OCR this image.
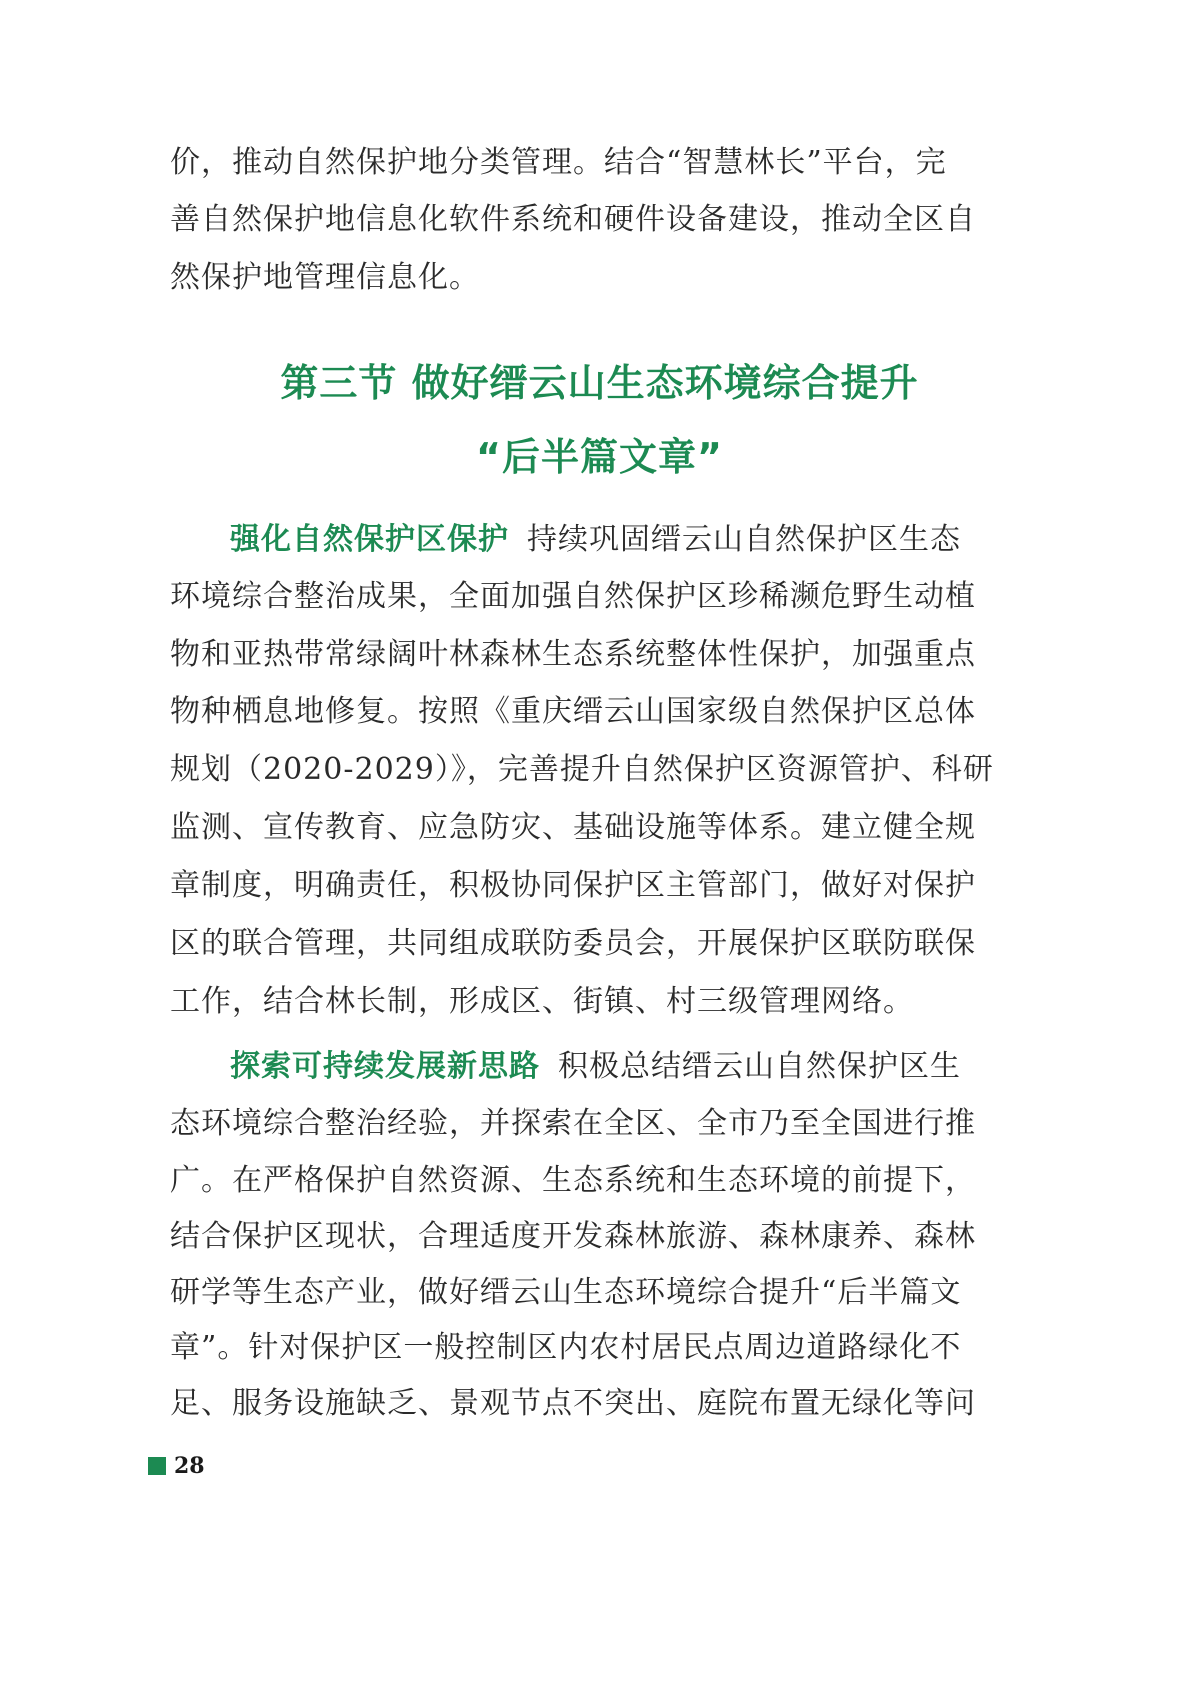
价，推动自然保护地分类管理。结合“智慧林长”平台，完
善自然保护地信息化软件系统和硬件设备建设，推动全区自
然保护地管理信息化。
第三节 做好缙云山生态环境综合提升
“后半篇文章”
强化自然保护区保护 持续巩固缙云山自然保护区生态
环境综合整治成果，全面加强自然保护区珍稀濒危野生动植
物和亚热带常绿阔叶林森林生态系统整体性保护，加强重点
物种栖息地修复。按照《重庆缙云山国家级自然保护区总体
规划（2020-2029）》，完善提升自然保护区资源管护、科研
监测、宣传教育、应急防灾、基础设施等体系。建立健全规
章制度，明确责任，积极协同保护区主管部门，做好对保护
区的联合管理，共同组成联防委员会，开展保护区联防联保
工作，结合林长制，形成区、街镇、村三级管理网络。
探索可持续发展新思路 积极总结缙云山自然保护区生
态环境综合整治经验，并探索在全区、全市乃至全国进行推
广。在严格保护自然资源、生态系统和生态环境的前提下，
结合保护区现状，合理适度开发森林旅游、森林康养、森林
研学等生态产业，做好缙云山生态环境综合提升“后半篇文
章”。针对保护区一般控制区内农村居民点周边道路绿化不
足、服务设施缺乏、景观节点不突出、庭院布置无绿化等问
28
